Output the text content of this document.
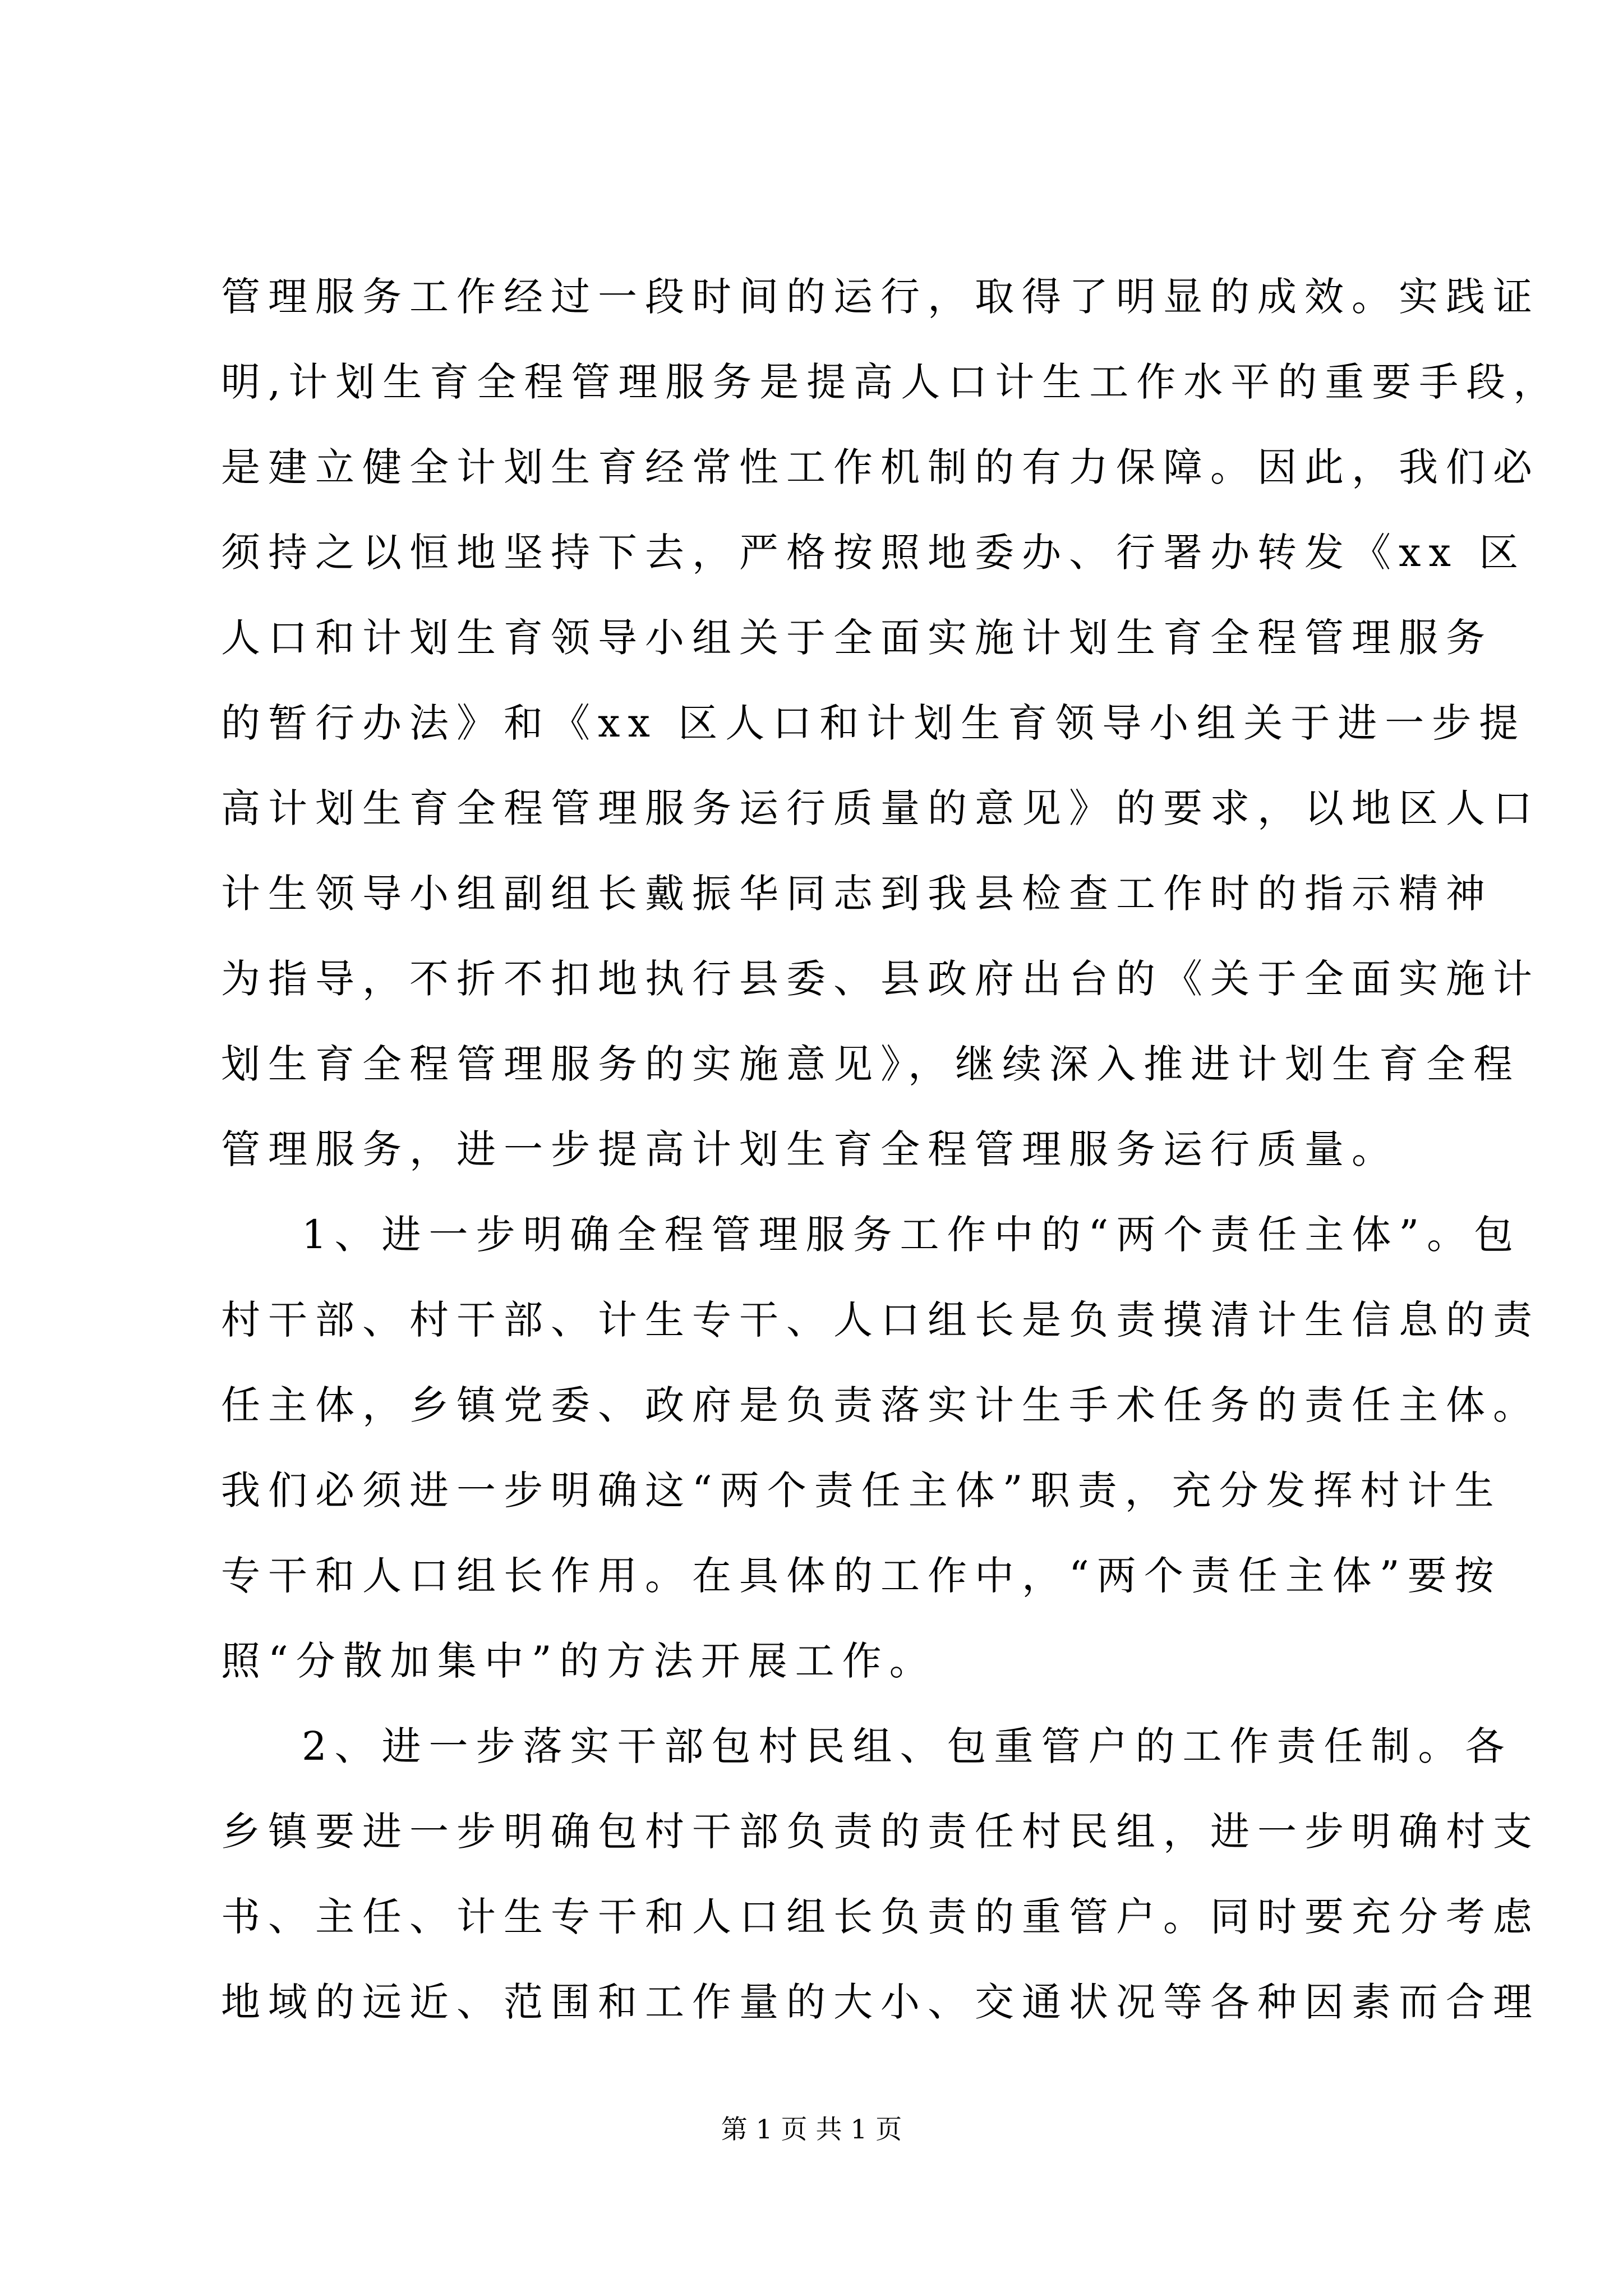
管理服务工作经过一段时间的运行，取得了明显的成效。实践证

明,计划生育全程管理服务是提高人口计生工作水平的重要手段，

是建立健全计划生育经常性工作机制的有力保障。因此，我们必

须持之以恒地坚持下去，严格按照地委办、行署办转发《xx 区

人口和计划生育领导小组关于全面实施计划生育全程管理服务

的暂行办法》和《xx 区人口和计划生育领导小组关于进一步提

高计划生育全程管理服务运行质量的意见》的要求，以地区人口

计生领导小组副组长戴振华同志到我县检查工作时的指示精神

为指导，不折不扣地执行县委、县政府出台的《关于全面实施计

划生育全程管理服务的实施意见》，继续深入推进计划生育全程

管理服务，进一步提高计划生育全程管理服务运行质量。

1、进一步明确全程管理服务工作中的“两个责任主体”。包

村干部、村干部、计生专干、人口组长是负责摸清计生信息的责

任主体，乡镇党委、政府是负责落实计生手术任务的责任主体。

我们必须进一步明确这“两个责任主体”职责，充分发挥村计生

专干和人口组长作用。在具体的工作中，“两个责任主体”要按

照“分散加集中”的方法开展工作。

2、进一步落实干部包村民组、包重管户的工作责任制。各

乡镇要进一步明确包村干部负责的责任村民组，进一步明确村支

书、主任、计生专干和人口组长负责的重管户。同时要充分考虑

地域的远近、范围和工作量的大小、交通状况等各种因素而合理

第 1 页 共 1 页
